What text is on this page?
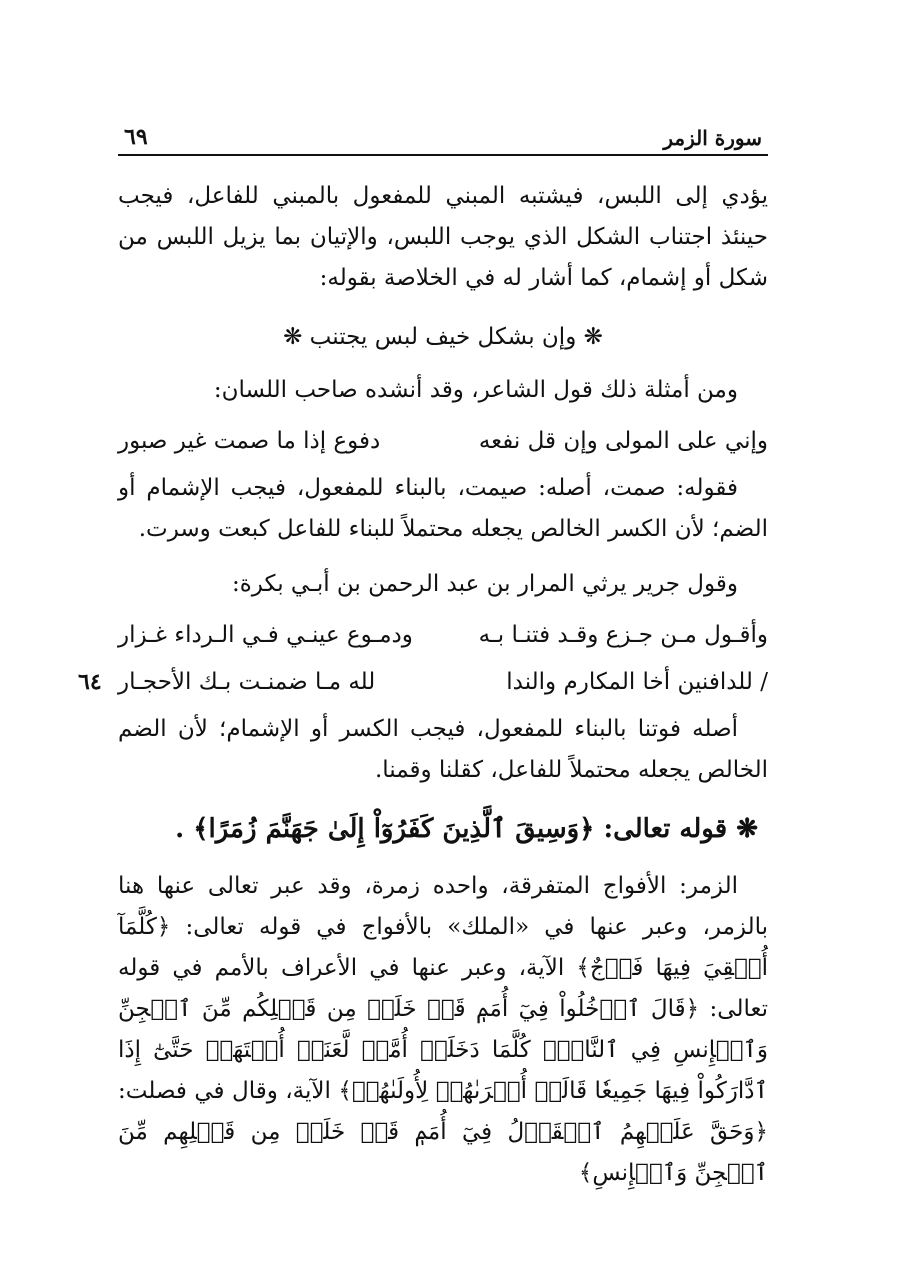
سورة الزمر
٦٩

يؤدي إلى اللبس، فيشتبه المبني للمفعول بالمبني للفاعل، فيجب حينئذ اجتناب الشكل الذي يوجب اللبس، والإتيان بما يزيل اللبس من شكل أو إشمام، كما أشار له في الخلاصة بقوله:

❋ وإن بشكل خيف لبس يجتنب ❋

ومن أمثلة ذلك قول الشاعر، وقد أنشده صاحب اللسان:

وإني على المولى وإن قل نفعه
دفوع إذا ما صمت غير صبور

فقوله: صمت، أصله: صيمت، بالبناء للمفعول، فيجب الإشمام أو الضم؛ لأن الكسر الخالص يجعله محتملاً للبناء للفاعل كبعت وسرت.

وقول جرير يرثي المرار بن عبد الرحمن بن أبـي بكرة:

وأقـول مـن جـزع وقـد فتنـا بـه
ودمـوع عينـي فـي الـرداء غـزار
/ للدافنين أخا المكارم والندا
لله مـا ضمنـت بـك الأحجـار
٦٤

أصله فوتنا بالبناء للمفعول، فيجب الكسر أو الإشمام؛ لأن الضم الخالص يجعله محتملاً للفاعل، كقلنا وقمنا.

❋ قوله تعالى: ﴿وَسِيقَ ٱلَّذِينَ كَفَرُوٓاْ إِلَىٰ جَهَنَّمَ زُمَرًا﴾ .

الزمر: الأفواج المتفرقة، واحده زمرة، وقد عبر تعالى عنها هنا بالزمر، وعبر عنها في «الملك» بالأفواج في قوله تعالى: ﴿كُلَّمَآ أُلۡقِيَ فِيهَا فَوۡجٌ﴾ الآية، وعبر عنها في الأعراف بالأمم في قوله تعالى: ﴿قَالَ ٱدۡخُلُواْ فِيٓ أُمَمٖ قَدۡ خَلَتۡ مِن قَبۡلِكُم مِّنَ ٱلۡجِنِّ وَٱلۡإِنسِ فِي ٱلنَّارِۖ كُلَّمَا دَخَلَتۡ أُمَّةٞ لَّعَنَتۡ أُخۡتَهَاۖ حَتَّىٰٓ إِذَا ٱدَّارَكُواْ فِيهَا جَمِيعٗا قَالَتۡ أُخۡرَىٰهُمۡ لِأُولَىٰهُمۡ﴾ الآية، وقال في فصلت: ﴿وَحَقَّ عَلَيۡهِمُ ٱلۡقَوۡلُ فِيٓ أُمَمٖ قَدۡ خَلَتۡ مِن قَبۡلِهِم مِّنَ ٱلۡجِنِّ وَٱلۡإِنسِ﴾
